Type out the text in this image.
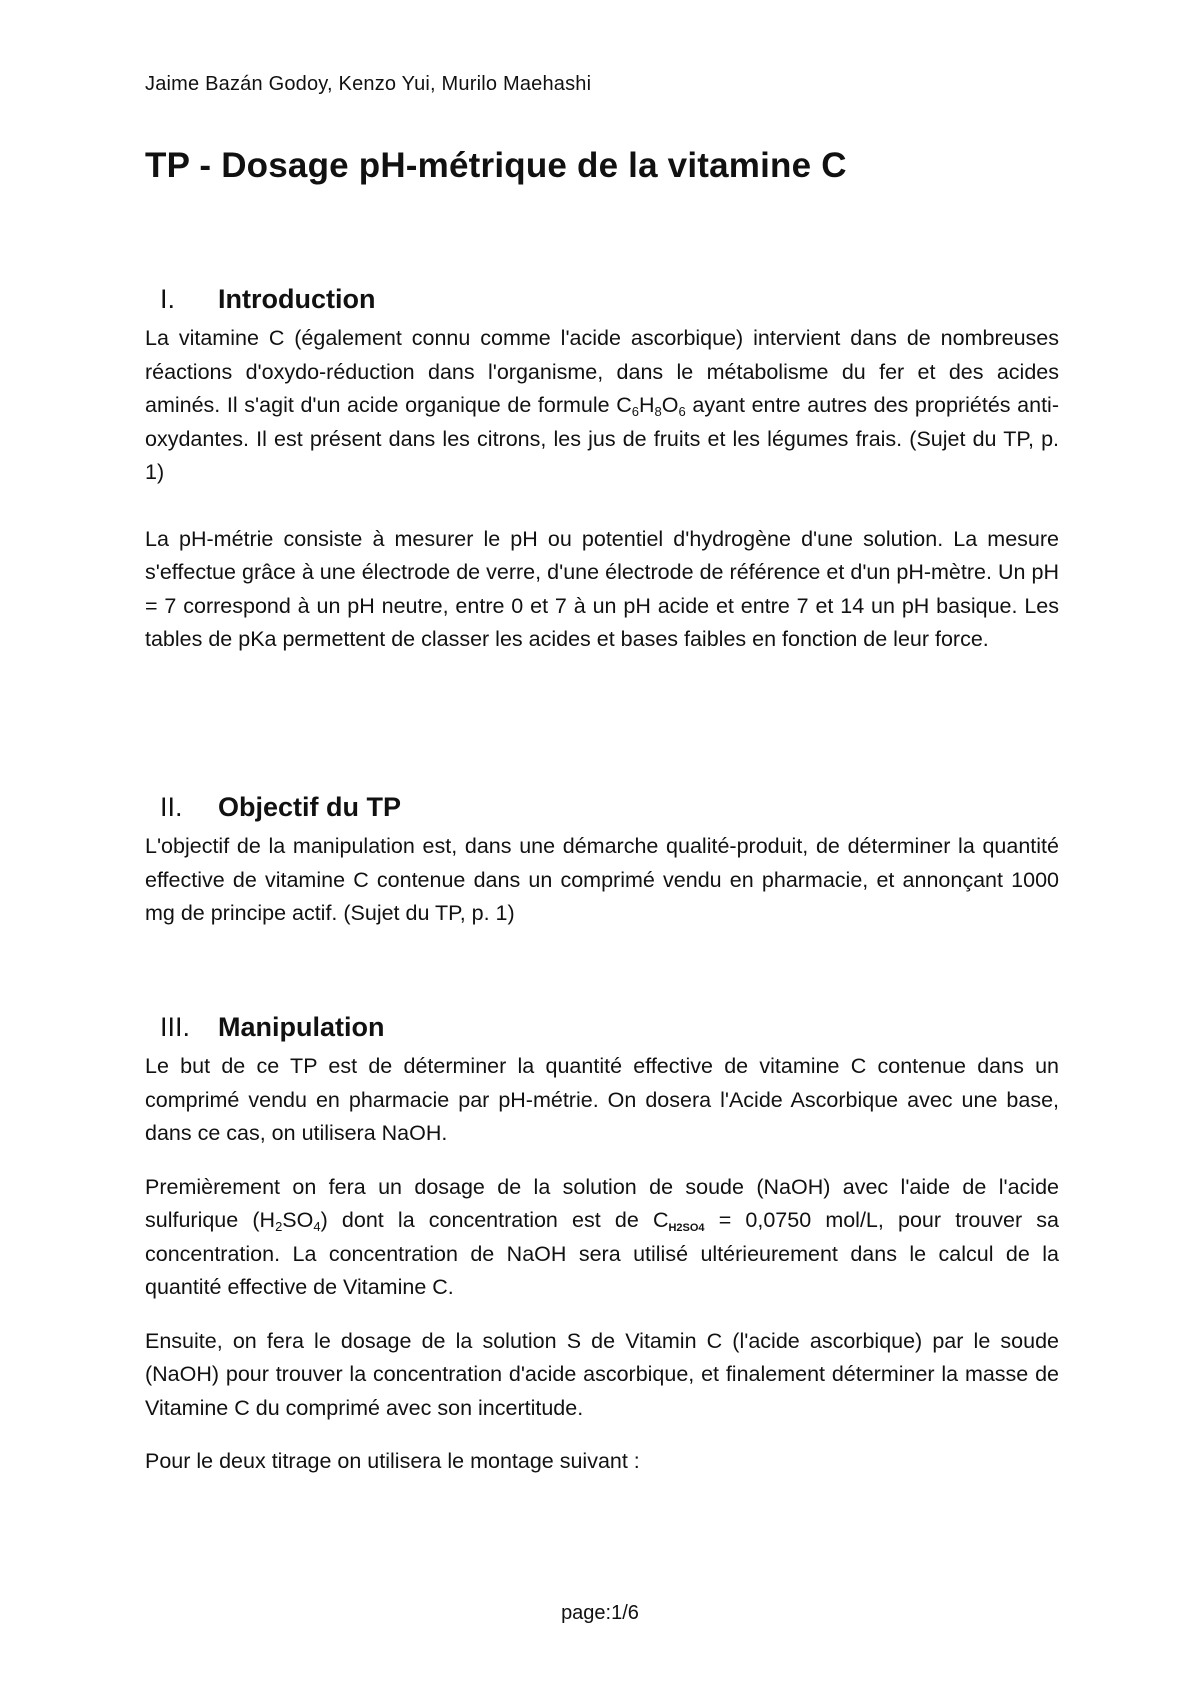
Jaime Bazán Godoy, Kenzo Yui, Murilo Maehashi
TP - Dosage pH-métrique de la vitamine C
I. Introduction

La vitamine C (également connu comme l'acide ascorbique) intervient dans de nombreuses réactions d'oxydo-réduction dans l'organisme, dans le métabolisme du fer et des acides aminés. Il s'agit d'un acide organique de formule $C_6H_8O_6$ ayant entre autres des propriétés anti-oxydantes. Il est présent dans les citrons, les jus de fruits et les légumes frais. (Sujet du TP, p. 1)

La pH-métrie consiste à mesurer le pH ou potentiel d'hydrogène d'une solution. La mesure s'effectue grâce à une électrode de verre, d'une électrode de référence et d'un pH-mètre. Un pH = 7 correspond à un pH neutre, entre 0 et 7 à un pH acide et entre 7 et 14 un pH basique. Les tables de pKa permettent de classer les acides et bases faibles en fonction de leur force.

II. Objectif du TP

L'objectif de la manipulation est, dans une démarche qualité-produit, de déterminer la quantité effective de vitamine C contenue dans un comprimé vendu en pharmacie, et annonçant 1000 mg de principe actif. (Sujet du TP, p. 1)

III. Manipulation

Le but de ce TP est de déterminer la quantité effective de vitamine C contenue dans un comprimé vendu en pharmacie par pH-métrie. On dosera l'Acide Ascorbique avec une base, dans ce cas, on utilisera NaOH.

Premièrement on fera un dosage de la solution de soude (NaOH) avec l'aide de l'acide sulfurique $(H_2SO_4)$ dont la concentration est de $C_{H2SO4} = 0,0750$ mol/L, pour trouver sa concentration. La concentration de NaOH sera utilisé ultérieurement dans le calcul de la quantité effective de Vitamine C.

Ensuite, on fera le dosage de la solution S de Vitamin C (l'acide ascorbique) par le soude (NaOH) pour trouver la concentration d'acide ascorbique, et finalement déterminer la masse de Vitamine C du comprimé avec son incertitude.

Pour le deux titrage on utilisera le montage suivant :

page:1/6
